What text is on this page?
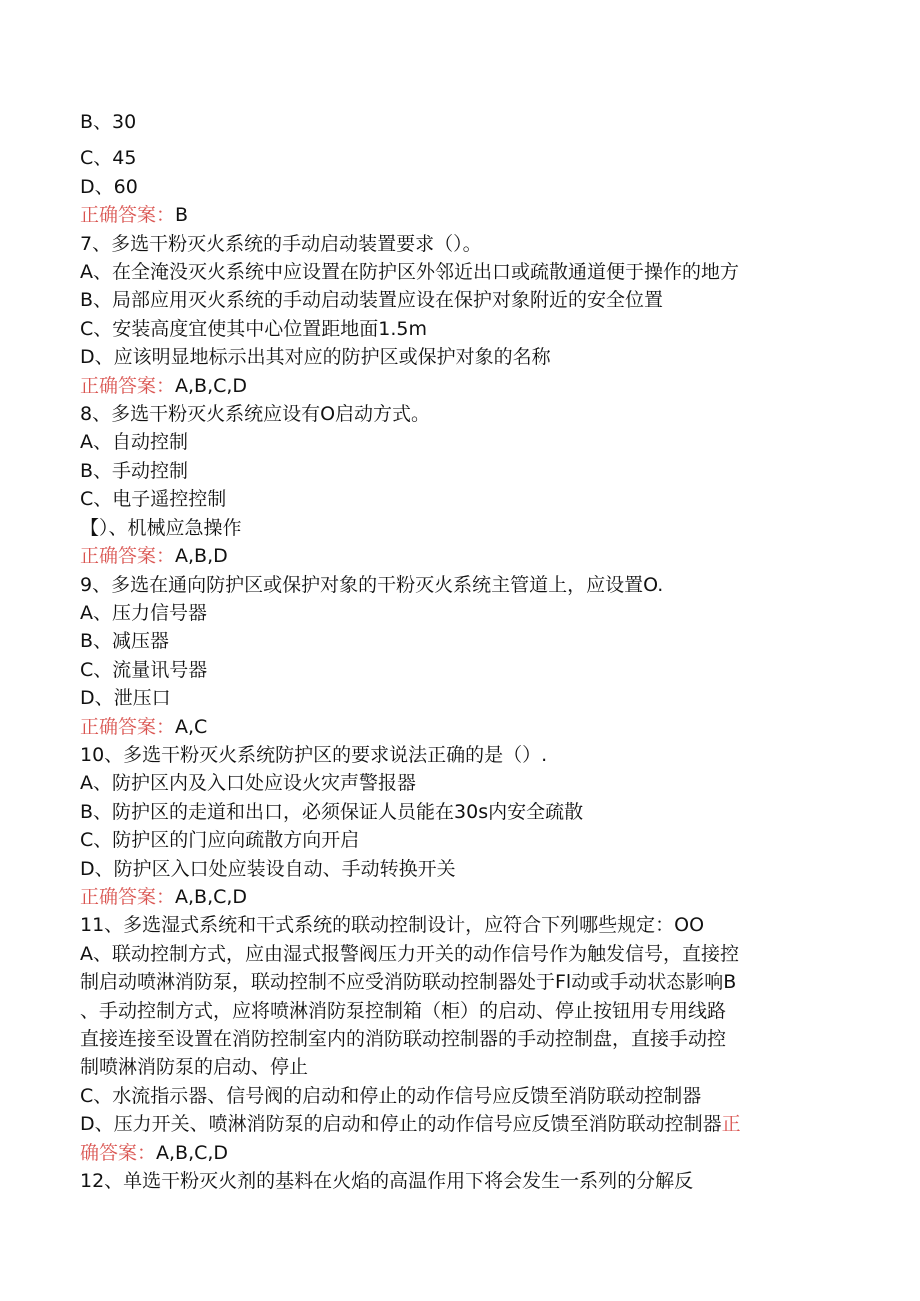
B、30
C、45
D、60
正确答案：B
7、多选干粉灭火系统的手动启动装置要求（）。
A、在全淹没灭火系统中应设置在防护区外邻近出口或疏散通道便于操作的地方
B、局部应用灭火系统的手动启动装置应设在保护对象附近的安全位置
C、安装高度宜使其中心位置距地面1.5m
D、应该明显地标示出其对应的防护区或保护对象的名称
正确答案：A,B,C,D
8、多选干粉灭火系统应设有O启动方式。
A、自动控制
B、手动控制
C、电子遥控控制
【）、机械应急操作
正确答案：A,B,D
9、多选在通向防护区或保护对象的干粉灭火系统主管道上，应设置O.
A、压力信号器
B、减压器
C、流量讯号器
D、泄压口
正确答案：A,C
10、多选干粉灭火系统防护区的要求说法正确的是（）.
A、防护区内及入口处应设火灾声警报器
B、防护区的走道和出口，必须保证人员能在30s内安全疏散
C、防护区的门应向疏散方向开启
D、防护区入口处应装设自动、手动转换开关
正确答案：A,B,C,D
11、多选湿式系统和干式系统的联动控制设计，应符合下列哪些规定：OO
A、联动控制方式，应由湿式报警阀压力开关的动作信号作为触发信号，直接控
制启动喷淋消防泵，联动控制不应受消防联动控制器处于Fl动或手动状态影响B
、手动控制方式，应将喷淋消防泵控制箱（柜）的启动、停止按钮用专用线路
直接连接至设置在消防控制室内的消防联动控制器的手动控制盘，直接手动控
制喷淋消防泵的启动、停止
C、水流指示器、信号阀的启动和停止的动作信号应反馈至消防联动控制器
D、压力开关、喷淋消防泵的启动和停止的动作信号应反馈至消防联动控制器正
确答案：A,B,C,D
12、单选干粉灭火剂的基料在火焰的高温作用下将会发生一系列的分解反
